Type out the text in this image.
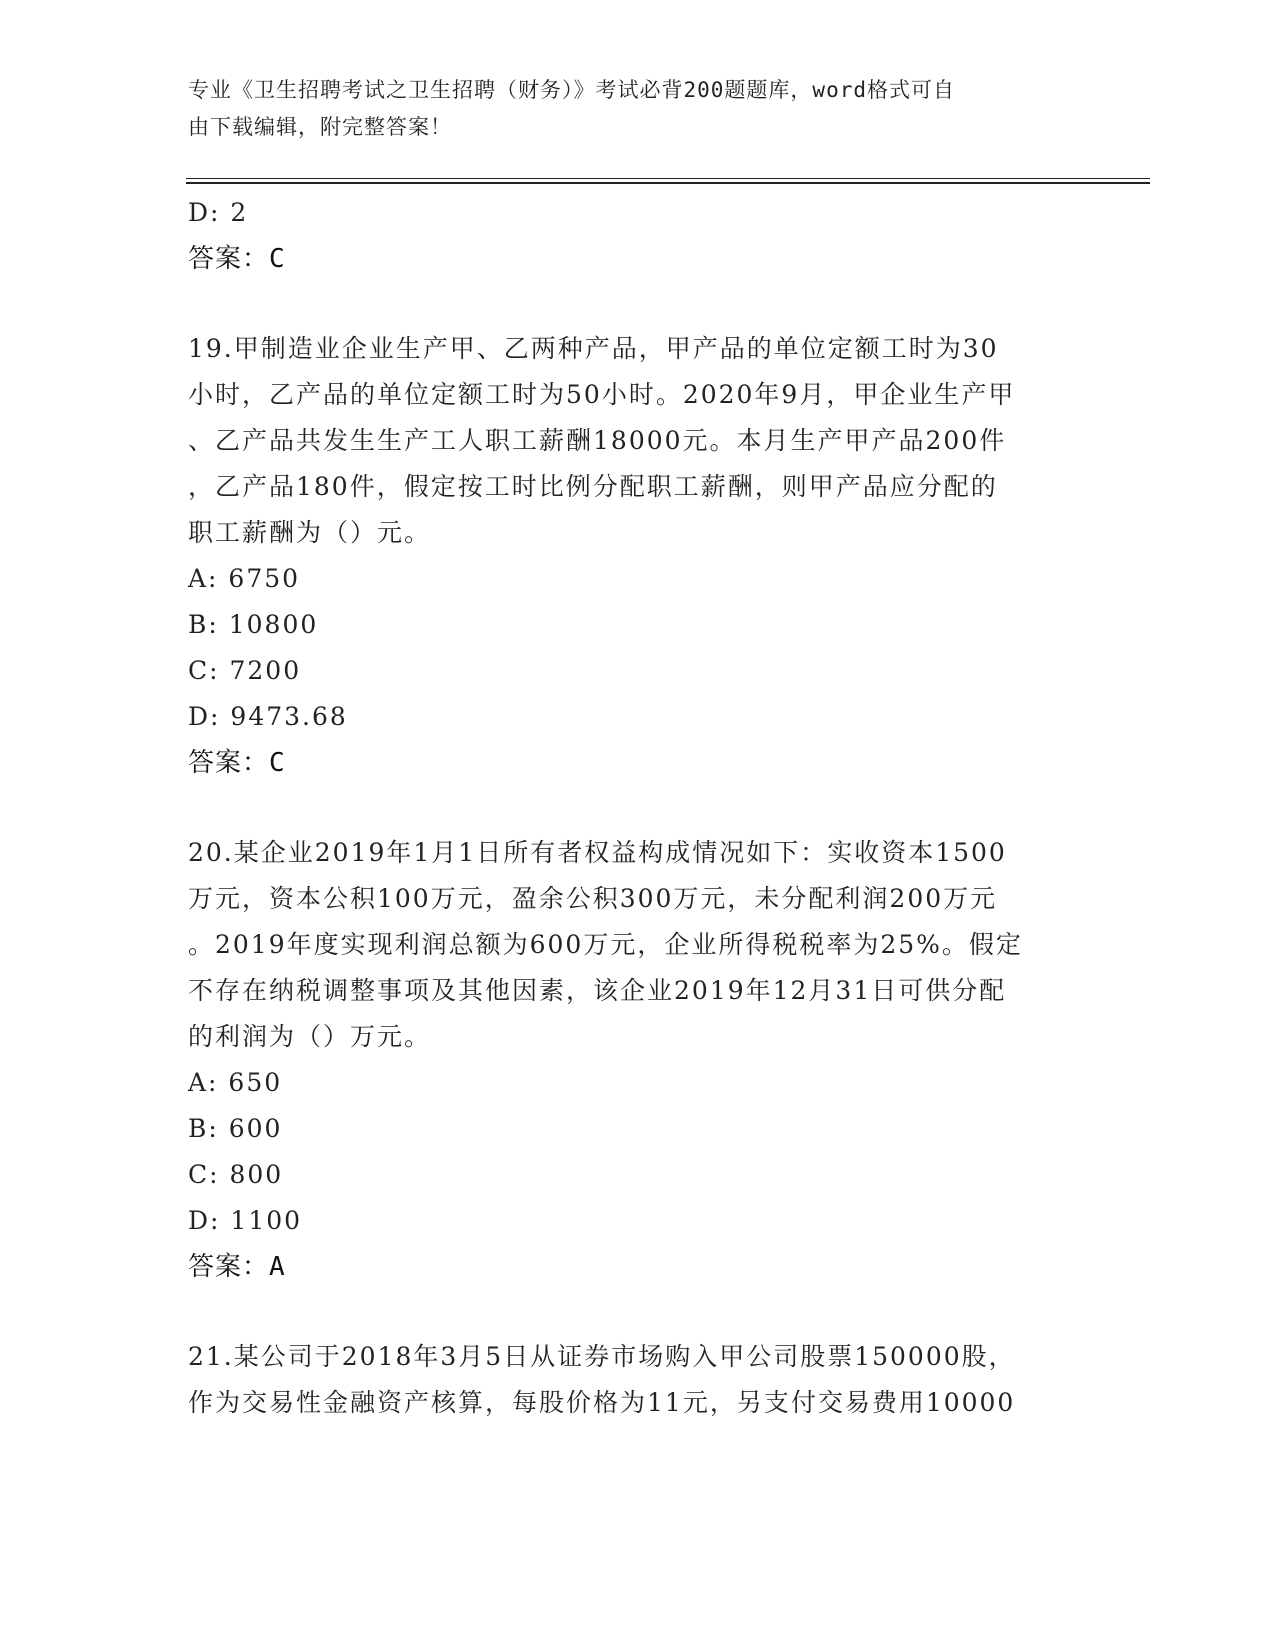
专业《卫生招聘考试之卫生招聘（财务）》考试必背200题题库，word格式可自
由下载编辑，附完整答案！
D: 2
答案：C
19.甲制造业企业生产甲、乙两种产品，甲产品的单位定额工时为30
小时，乙产品的单位定额工时为50小时。2020年9月，甲企业生产甲
、乙产品共发生生产工人职工薪酬18000元。本月生产甲产品200件
，乙产品180件，假定按工时比例分配职工薪酬，则甲产品应分配的
职工薪酬为（）元。
A: 6750
B: 10800
C: 7200
D: 9473.68
答案：C
20.某企业2019年1月1日所有者权益构成情况如下：实收资本1500
万元，资本公积100万元，盈余公积300万元，未分配利润200万元
。2019年度实现利润总额为600万元，企业所得税税率为25%。假定
不存在纳税调整事项及其他因素，该企业2019年12月31日可供分配
的利润为（）万元。
A: 650
B: 600
C: 800
D: 1100
答案：A
21.某公司于2018年3月5日从证券市场购入甲公司股票150000股，
作为交易性金融资产核算，每股价格为11元，另支付交易费用10000
